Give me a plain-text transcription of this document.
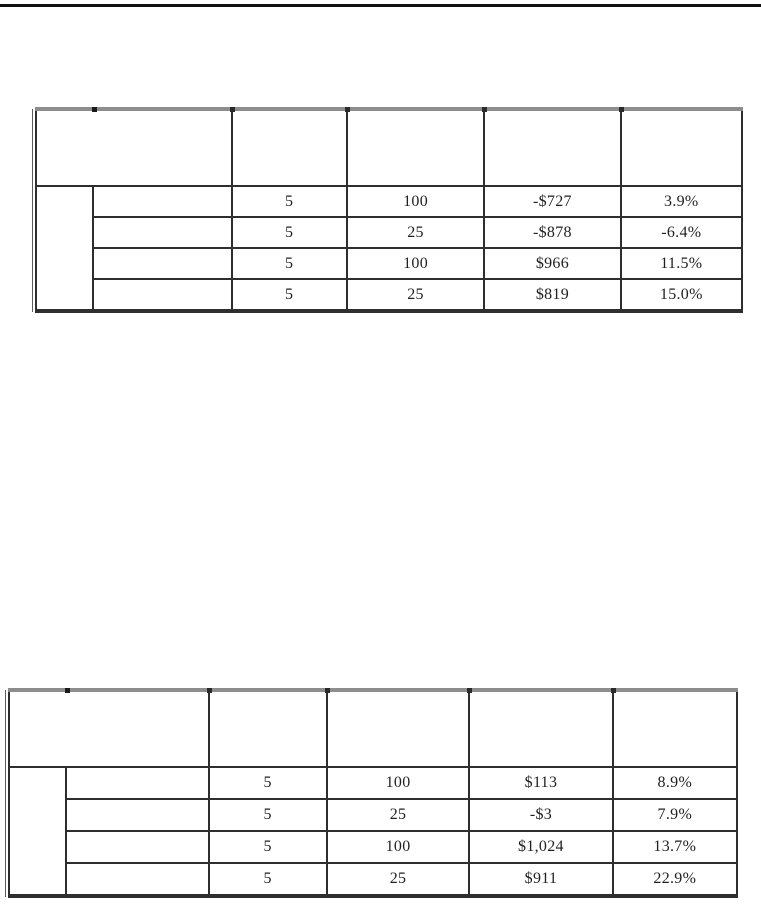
		5	100	-$727	3.9%
		5	25	-$878	-6.4%
		5	100	$966	11.5%
		5	25	$819	15.0%

		5	100	$113	8.9%
		5	25	-$3	7.9%
		5	100	$1,024	13.7%
		5	25	$911	22.9%
